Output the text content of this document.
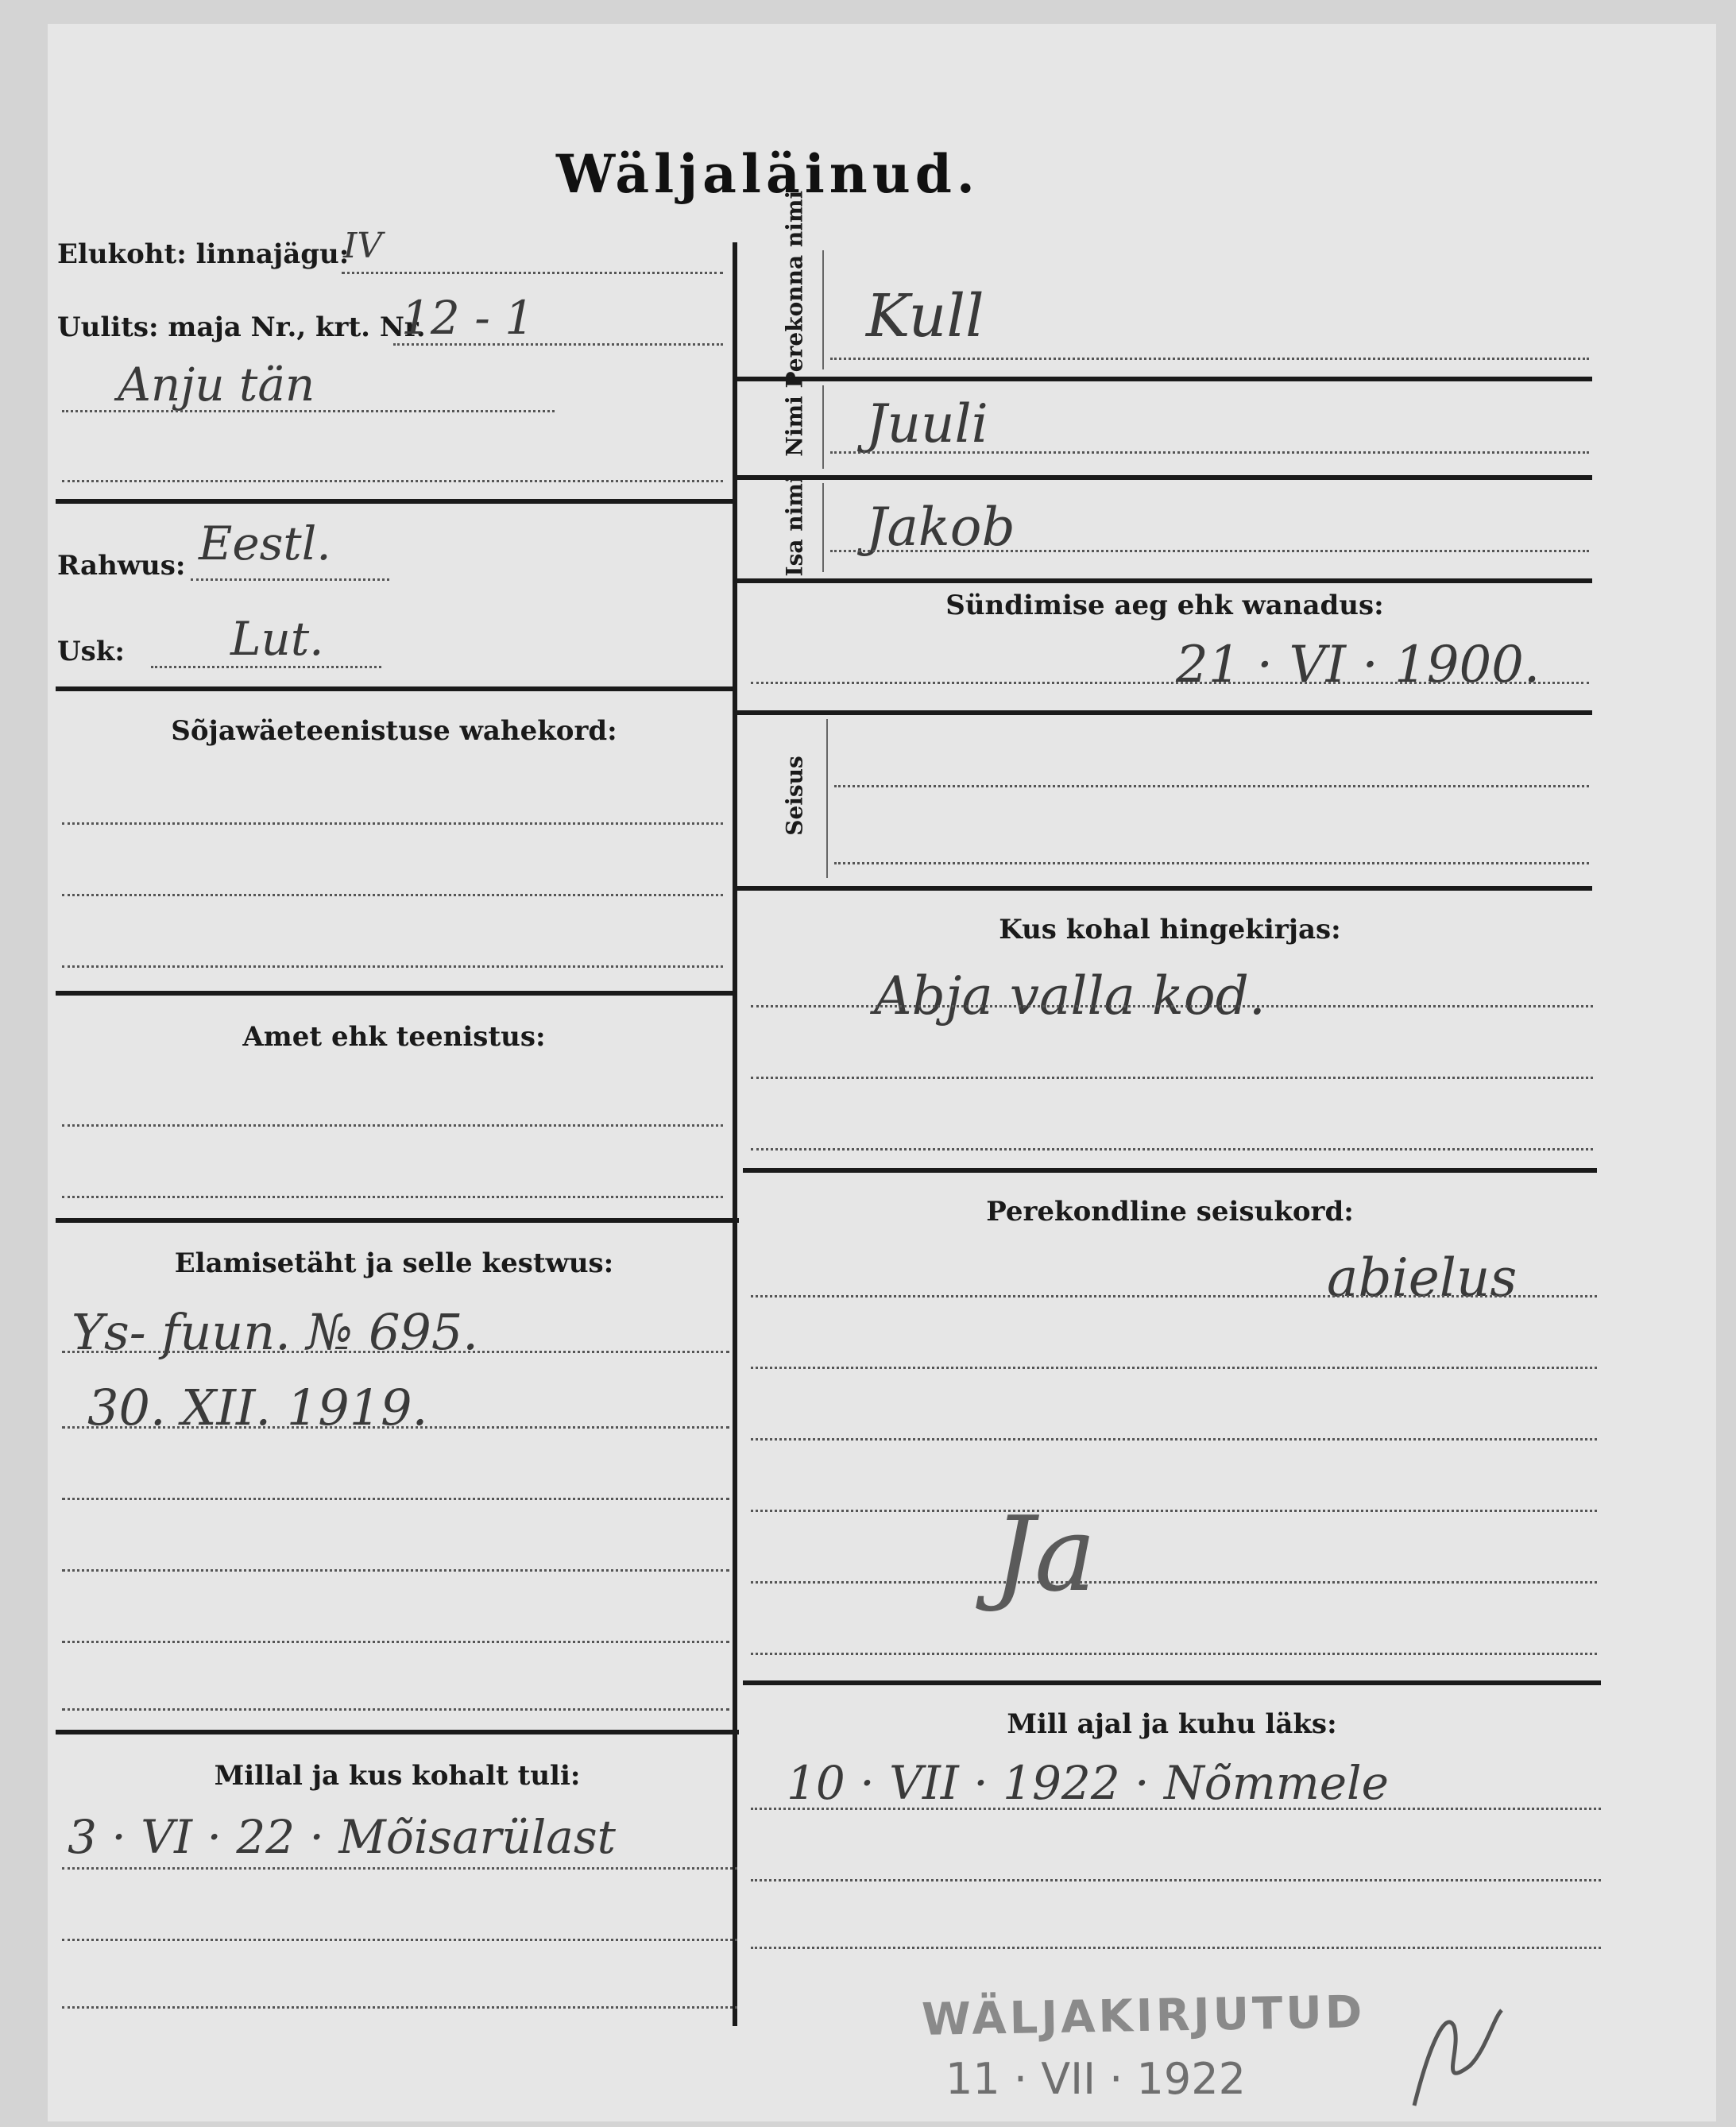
Wäljaläinud.
Elukoht: linnajägu:
IV
Uulits: maja Nr., krt. Nr.
12 - 1
Anju tän
Rahwus: Eestl.
Usk: Lut.
Sõjawäeteenistuse wahekord:
Amet ehk teenistus:
Elamisetäht ja selle kestwus:
Ys- fuun. № 695.
30. XII. 1919.
Millal ja kus kohalt tuli:
3 · VI · 22 · Mõisarülast
Perekonna nimi Kull
Nimi Juuli
Isa nimi Jakob
Sündimise aeg ehk wanadus:
21 · VI · 1900.
Seisus
Kus kohal hingekirjas:
Abja valla kod.
Perekondline seisukord:
abielus
Ja
Mill ajal ja kuhu läks:
10 · VII · 1922 · Nõmmele
WÄLJAKIRJUTUD
11 · VII · 1922
